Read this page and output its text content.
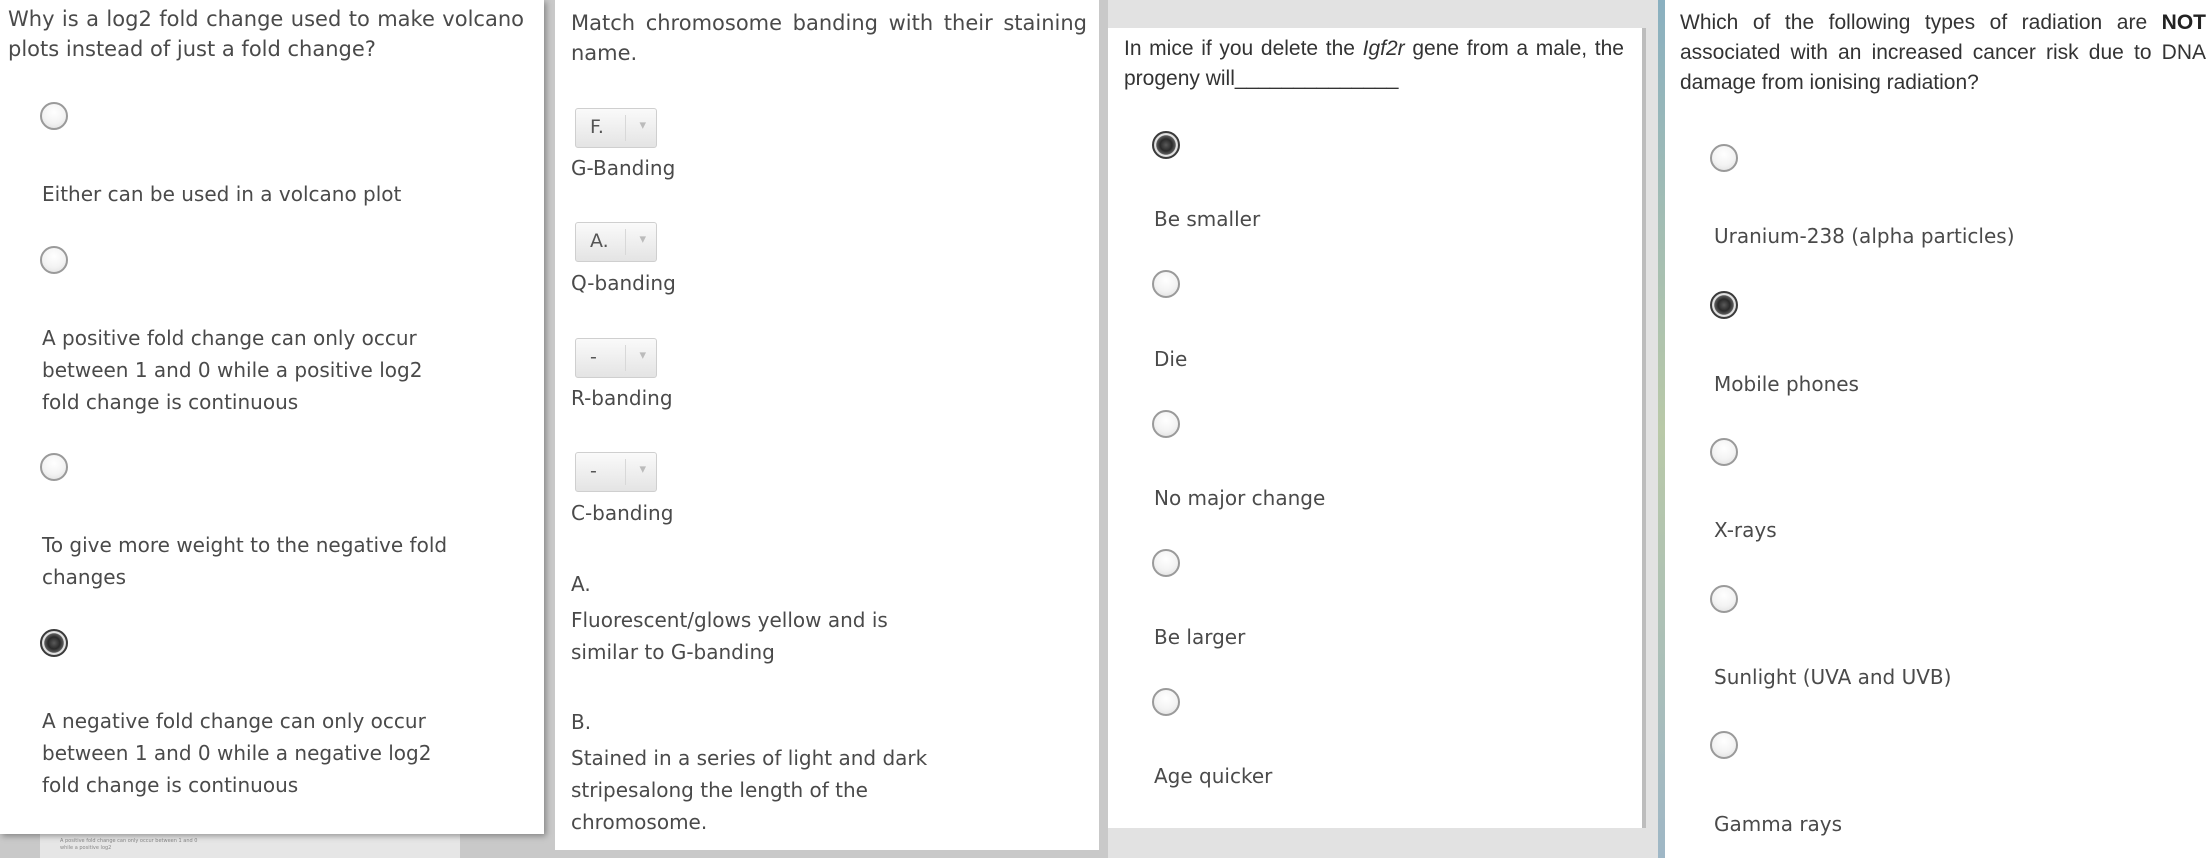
A positive fold change can only occur between 1 and 0 while a positive log2
Why is a log2 fold change used to make volcano plots instead of just a fold change?
Either can be used in a volcano plot
A positive fold change can only occur between 1 and 0 while a positive log2 fold change is continuous
To give more weight to the negative fold changes
A negative fold change can only occur between 1 and 0 while a negative log2 fold change is continuous
Match chromosome banding with their staining name.
F.	▾
G-Banding
A. ▾
Q-banding
-	▾
R-banding
-	▾
C-banding
A.
Fluorescent/glows yellow and is similar to G-banding
B.
Stained in a series of light and dark stripesalong the length of the chromosome.
In mice if you delete the Igf2r gene from a male, the progeny will______________
Be smaller
Die
No major change
Be larger
Age quicker
Which of the following types of radiation are NOT associated with an increased cancer risk due to DNA damage from ionising radiation?
Uranium-238 (alpha particles)
Mobile phones
X-rays
Sunlight (UVA and UVB)
Gamma rays
